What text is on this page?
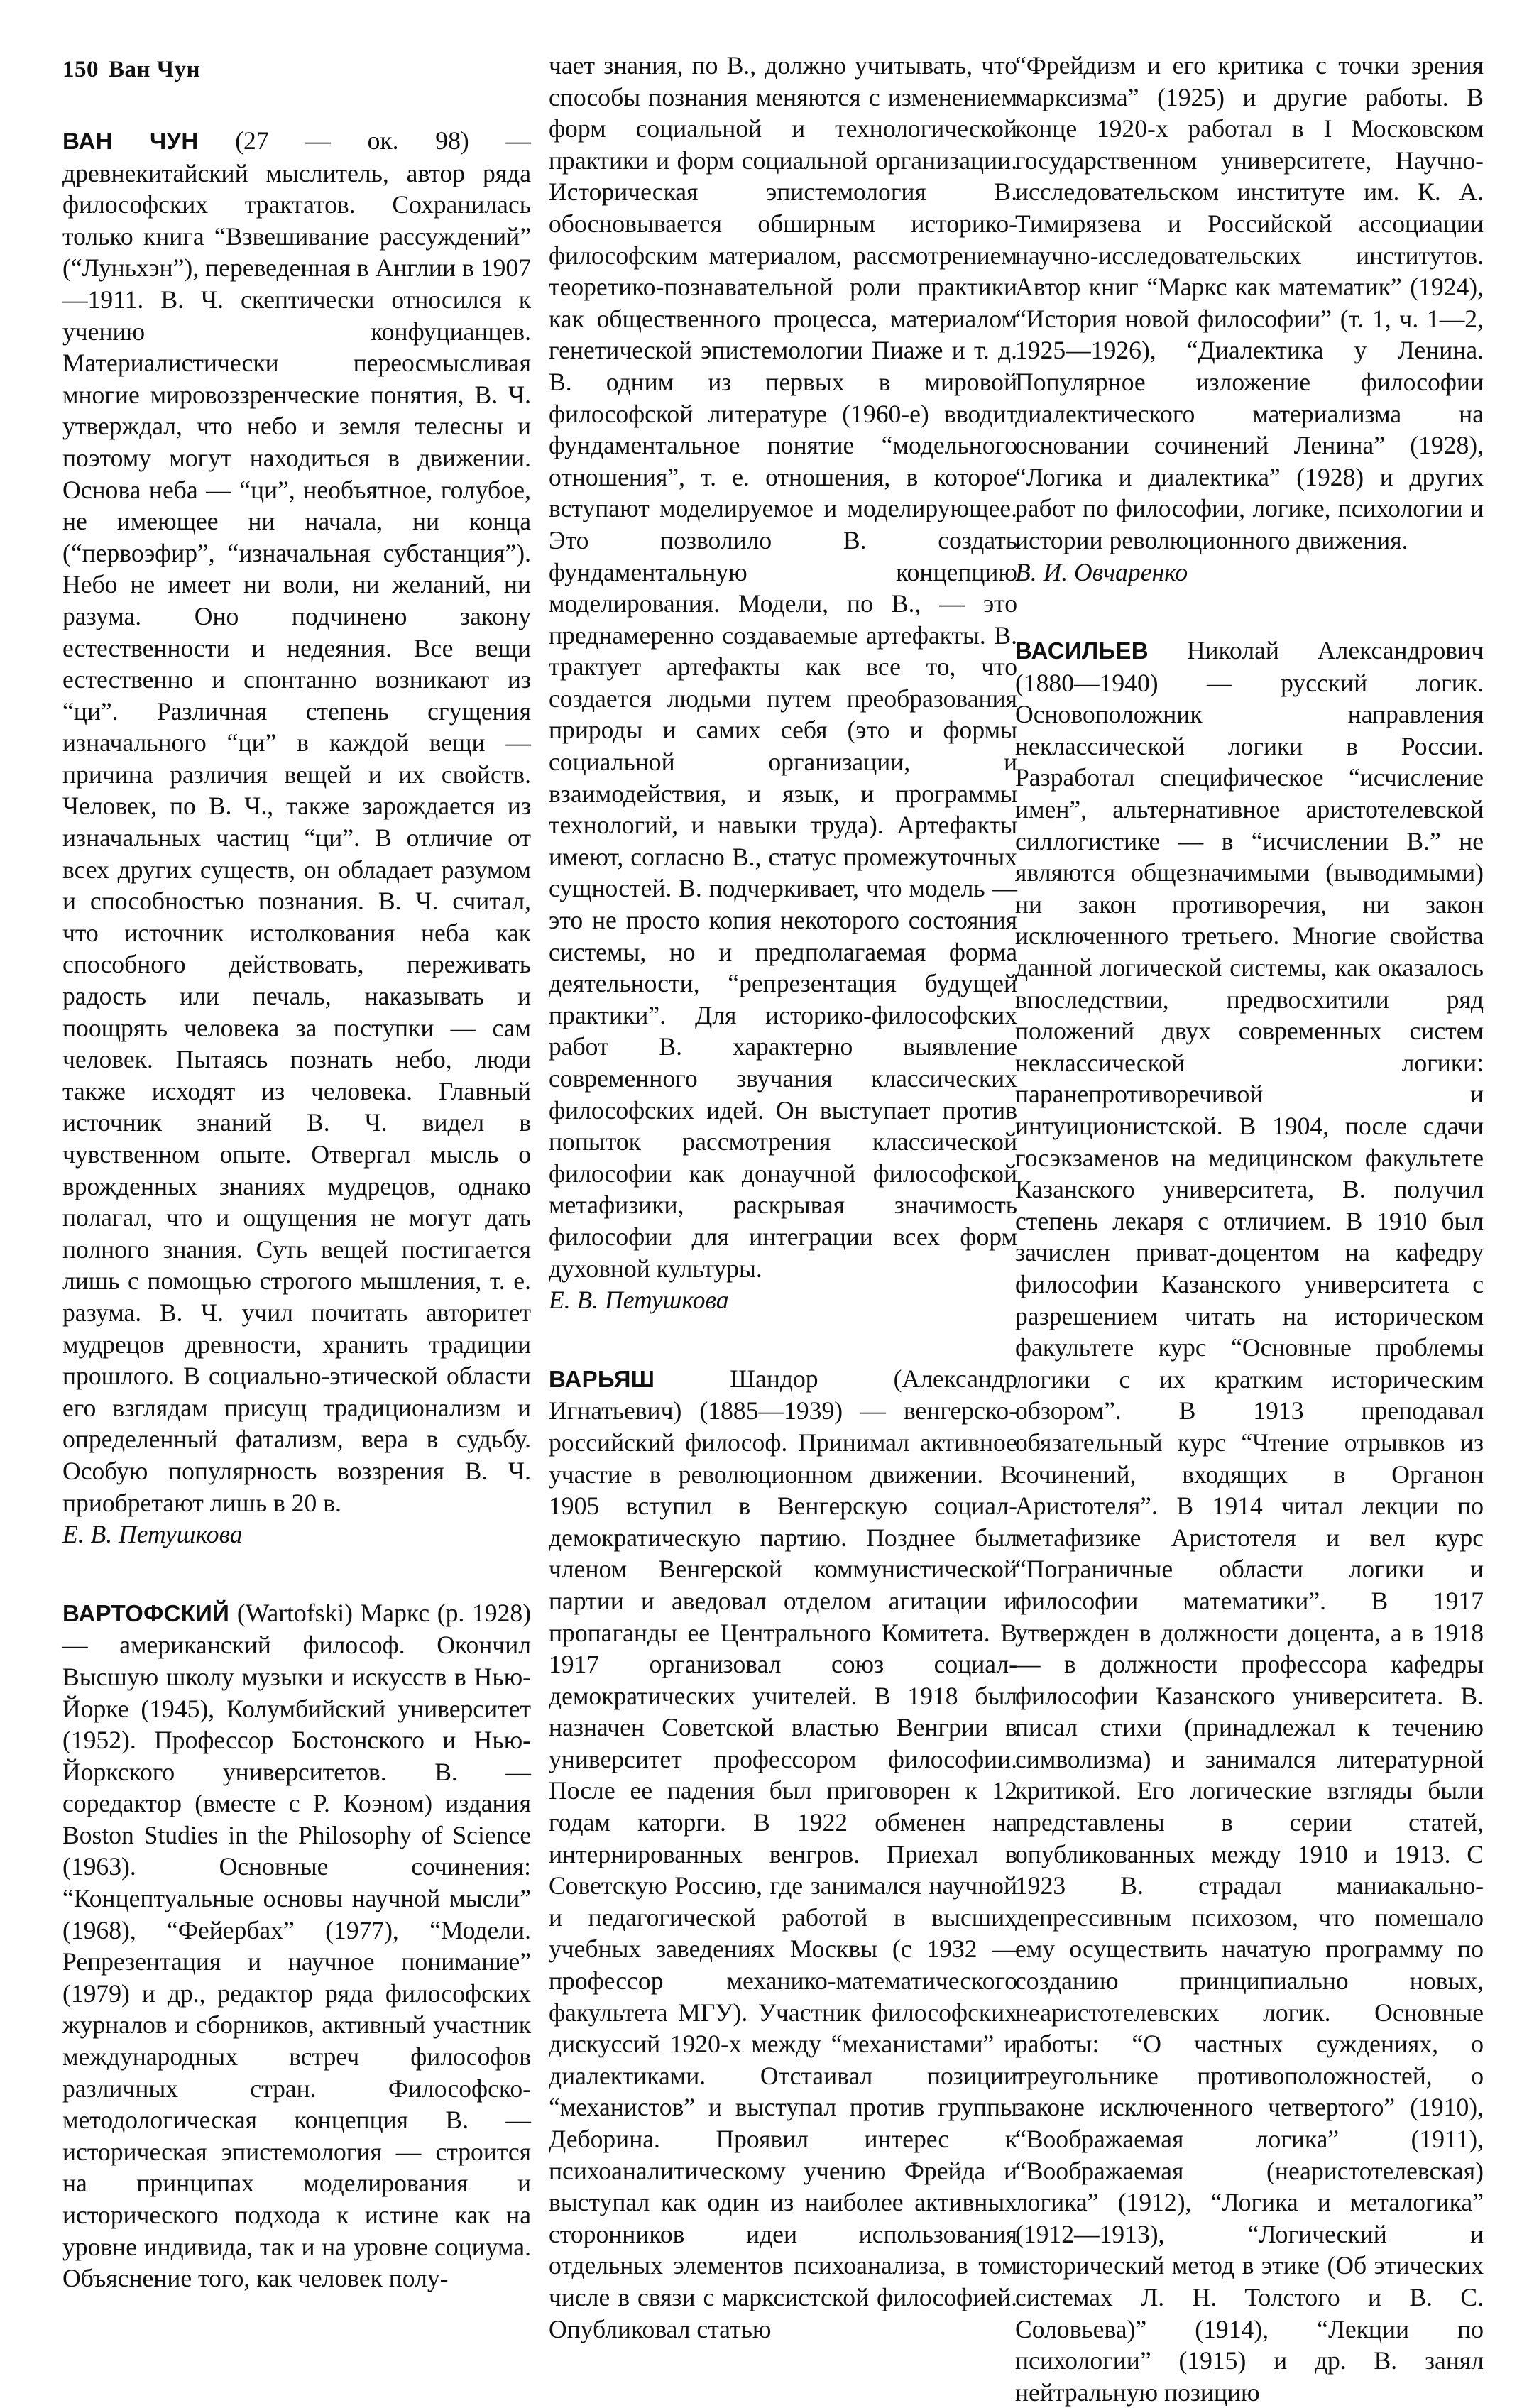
150 Ван Чун

ВАН ЧУН (27 — ок. 98) — древнекитайский мыслитель, автор ряда философских трактатов. Сохранилась только книга “Взвешивание рассуждений” (“Луньхэн”), переведенная в Англии в 1907—1911. В. Ч. скептически относился к учению конфуцианцев. Материалистически переосмысливая многие мировоззренческие понятия, В. Ч. утверждал, что небо и земля телесны и поэтому могут находиться в движении. Основа неба — “ци”, необъятное, голубое, не имеющее ни начала, ни конца (“первоэфир”, “изначальная субстанция”). Небо не имеет ни воли, ни желаний, ни разума. Оно подчинено закону естественности и недеяния. Все вещи естественно и спонтанно возникают из “ци”. Различная степень сгущения изначального “ци” в каждой вещи — причина различия вещей и их свойств. Человек, по В. Ч., также зарождается из изначальных частиц “ци”. В отличие от всех других существ, он обладает разумом и способностью познания. В. Ч. считал, что источник истолкования неба как способного действовать, переживать радость или печаль, наказывать и поощрять человека за поступки — сам человек. Пытаясь познать небо, люди также исходят из человека. Главный источник знаний В. Ч. видел в чувственном опыте. Отвергал мысль о врожденных знаниях мудрецов, однако полагал, что и ощущения не могут дать полного знания. Суть вещей постигается лишь с помощью строгого мышления, т. е. разума. В. Ч. учил почитать авторитет мудрецов древности, хранить традиции прошлого. В социально-этической области его взглядам присущ традиционализм и определенный фатализм, вера в судьбу. Особую популярность воззрения В. Ч. приобретают лишь в 20 в.

Е. В. Петушкова

ВАРТОФСКИЙ (Wartofski) Маркс (р. 1928) — американский философ. Окончил Высшую школу музыки и искусств в Нью-Йорке (1945), Колумбийский университет (1952). Профессор Бостонского и Нью-Йоркского университетов. В. — соредактор (вместе с Р. Коэном) издания Boston Studies in the Philosophy of Science (1963). Основные сочинения: “Концептуальные основы научной мысли” (1968), “Фейербах” (1977), “Модели. Репрезентация и научное понимание” (1979) и др., редактор ряда философских журналов и сборников, активный участник международных встреч философов различных стран. Философско-методологическая концепция В. — историческая эпистемология — строится на принципах моделирования и исторического подхода к истине как на уровне индивида, так и на уровне социума. Объяснение того, как человек полу-

чает знания, по В., должно учитывать, что способы познания меняются с изменением форм социальной и технологической практики и форм социальной организации. Историческая эпистемология В. обосновывается обширным историко-философским материалом, рассмотрением теоретико-познавательной роли практики как общественного процесса, материалом генетической эпистемологии Пиаже и т. д. В. одним из первых в мировой философской литературе (1960-е) вводит фундаментальное понятие “модельного отношения”, т. е. отношения, в которое вступают моделируемое и моделирующее. Это позволило В. создать фундаментальную концепцию моделирования. Модели, по В., — это преднамеренно создаваемые артефакты. В. трактует артефакты как все то, что создается людьми путем преобразования природы и самих себя (это и формы социальной организации, и взаимодействия, и язык, и программы технологий, и навыки труда). Артефакты имеют, согласно В., статус промежуточных сущностей. В. подчеркивает, что модель — это не просто копия некоторого состояния системы, но и предполагаемая форма деятельности, “репрезентация будущей практики”. Для историко-философских работ В. характерно выявление современного звучания классических философских идей. Он выступает против попыток рассмотрения классической философии как донаучной философской метафизики, раскрывая значимость философии для интеграции всех форм духовной культуры.

Е. В. Петушкова

ВАРЬЯШ Шандор (Александр Игнатьевич) (1885—1939) — венгерско-российский философ. Принимал активное участие в революционном движении. В 1905 вступил в Венгерскую социал-демократическую партию. Позднее был членом Венгерской коммунистической партии и аведовал отделом агитации и пропаганды ее Центрального Комитета. В 1917 организовал союз социал-демократических учителей. В 1918 был назначен Советской властью Венгрии в университет профессором философии. После ее падения был приговорен к 12 годам каторги. В 1922 обменен на интернированных венгров. Приехал в Советскую Россию, где занимался научной и педагогической работой в высших учебных заведениях Москвы (с 1932 — профессор механико-математического факультета МГУ). Участник философских дискуссий 1920-х между “механистами” и диалектиками. Отстаивал позиции “механистов” и выступал против группы Деборина. Проявил интерес к психоаналитическому учению Фрейда и выступал как один из наиболее активных сторонников идеи использования отдельных элементов психоанализа, в том числе в связи с марксистской философией. Опубликовал статью

“Фрейдизм и его критика с точки зрения марксизма” (1925) и другие работы. В конце 1920-х работал в I Московском государственном университете, Научно-исследовательском институте им. К. А. Тимирязева и Российской ассоциации научно-исследовательских институтов. Автор книг “Маркс как математик” (1924), “История новой философии” (т. 1, ч. 1—2, 1925—1926), “Диалектика у Ленина. Популярное изложение философии диалектического материализма на основании сочинений Ленина” (1928), “Логика и диалектика” (1928) и других работ по философии, логике, психологии и истории революционного движения.

В. И. Овчаренко

ВАСИЛЬЕВ Николай Александрович (1880—1940) — русский логик. Основоположник направления неклассической логики в России. Разработал специфическое “исчисление имен”, альтернативное аристотелевской силлогистике — в “исчислении В.” не являются общезначимыми (выводимыми) ни закон противоречия, ни закон исключенного третьего. Многие свойства данной логической системы, как оказалось впоследствии, предвосхитили ряд положений двух современных систем неклассической логики: паранепротиворечивой и интуиционистской. В 1904, после сдачи госэкзаменов на медицинском факультете Казанского университета, В. получил степень лекаря с отличием. В 1910 был зачислен приват-доцентом на кафедру философии Казанского университета с разрешением читать на историческом факультете курс “Основные проблемы логики с их кратким историческим обзором”. В 1913 преподавал обязательный курс “Чтение отрывков из сочинений, входящих в Органон Аристотеля”. В 1914 читал лекции по метафизике Аристотеля и вел курс “Пограничные области логики и философии математики”. В 1917 утвержден в должности доцента, а в 1918 — в должности профессора кафедры философии Казанского университета. В. писал стихи (принадлежал к течению символизма) и занимался литературной критикой. Его логические взгляды были представлены в серии статей, опубликованных между 1910 и 1913. С 1923 В. страдал маниакально-депрессивным психозом, что помешало ему осуществить начатую программу по созданию принципиально новых, неаристотелевских логик. Основные работы: “О частных суждениях, о треугольнике противоположностей, о законе исключенного четвертого” (1910), “Воображаемая логика” (1911), “Воображаемая (неаристотелевская) логика” (1912), “Логика и металогика” (1912—1913), “Логический и исторический метод в этике (Об этических системах Л. Н. Толстого и В. С. Соловьева)” (1914), “Лекции по психологии” (1915) и др. В. занял нейтральную позицию
